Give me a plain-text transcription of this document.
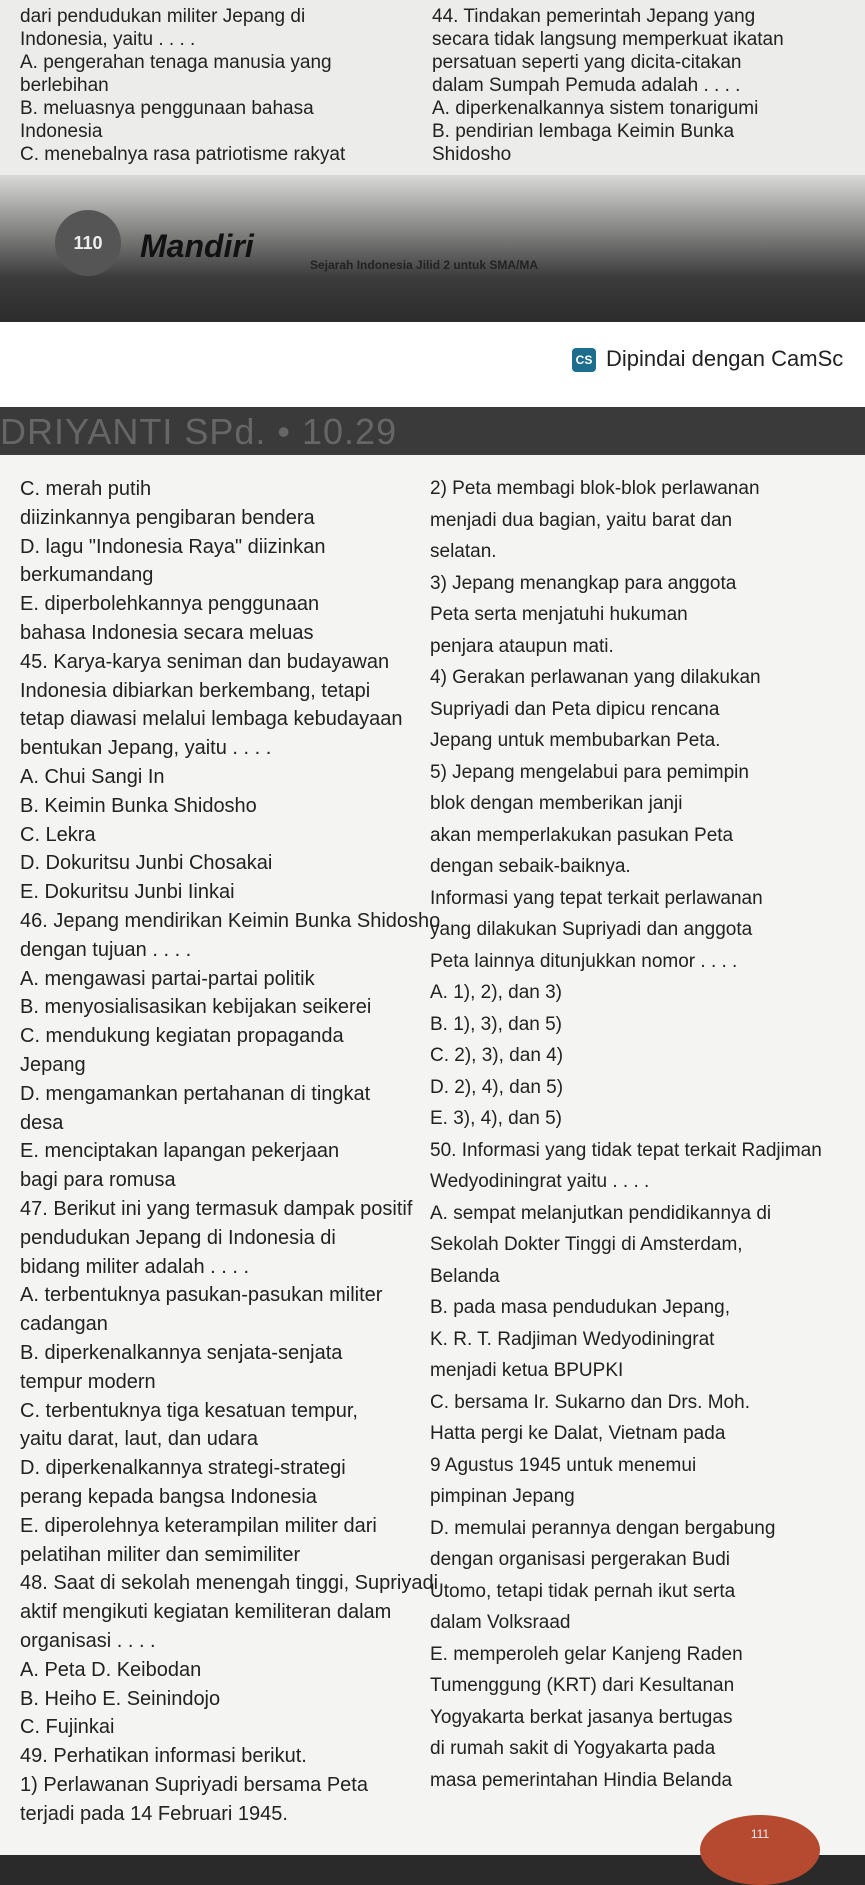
dari pendudukan militer Jepang di
Indonesia, yaitu . . . .
A. pengerahan tenaga manusia yang
berlebihan
B. meluasnya penggunaan bahasa
Indonesia
C. menebalnya rasa patriotisme rakyat
44. Tindakan pemerintah Jepang yang
secara tidak langsung memperkuat ikatan
persatuan seperti yang dicita-citakan
dalam Sumpah Pemuda adalah . . . .
A. diperkenalkannya sistem tonarigumi
B. pendirian lembaga Keimin Bunka
Shidosho
110	Mandiri
Sejarah Indonesia Jilid 2 untuk SMA/MA
CS Dipindai dengan CamSc
C. merah putih
diizinkannya pengibaran bendera
D. lagu "Indonesia Raya" diizinkan
berkumandang
E. diperbolehkannya penggunaan
bahasa Indonesia secara meluas
45. Karya-karya seniman dan budayawan
Indonesia dibiarkan berkembang, tetapi
tetap diawasi melalui lembaga kebudayaan
bentukan Jepang, yaitu . . . .
A. Chui Sangi In
B. Keimin Bunka Shidosho
C. Lekra
D. Dokuritsu Junbi Chosakai
E. Dokuritsu Junbi Iinkai
46. Jepang mendirikan Keimin Bunka Shidosho
dengan tujuan . . . .
A. mengawasi partai-partai politik
B. menyosialisasikan kebijakan seikerei
C. mendukung kegiatan propaganda
Jepang
D. mengamankan pertahanan di tingkat
desa
E. menciptakan lapangan pekerjaan
bagi para romusa
47. Berikut ini yang termasuk dampak positif
pendudukan Jepang di Indonesia di
bidang militer adalah . . . .
A. terbentuknya pasukan-pasukan militer
cadangan
B. diperkenalkannya senjata-senjata
tempur modern
C. terbentuknya tiga kesatuan tempur,
yaitu darat, laut, dan udara
D. diperkenalkannya strategi-strategi
perang kepada bangsa Indonesia
E. diperolehnya keterampilan militer dari
pelatihan militer dan semimiliter
48. Saat di sekolah menengah tinggi, Supriyadi
aktif mengikuti kegiatan kemiliteran dalam
organisasi . . . .
A. Peta D. Keibodan
B. Heiho E. Seinindojo
C. Fujinkai
49. Perhatikan informasi berikut.
1) Perlawanan Supriyadi bersama Peta
terjadi pada 14 Februari 1945.
2) Peta membagi blok-blok perlawanan
menjadi dua bagian, yaitu barat dan
selatan.
3) Jepang menangkap para anggota
Peta serta menjatuhi hukuman
penjara ataupun mati.
4) Gerakan perlawanan yang dilakukan
Supriyadi dan Peta dipicu rencana
Jepang untuk membubarkan Peta.
5) Jepang mengelabui para pemimpin
blok dengan memberikan janji
akan memperlakukan pasukan Peta
dengan sebaik-baiknya.
Informasi yang tepat terkait perlawanan
yang dilakukan Supriyadi dan anggota
Peta lainnya ditunjukkan nomor . . . .
A. 1), 2), dan 3)
B. 1), 3), dan 5)
C. 2), 3), dan 4)
D. 2), 4), dan 5)
E. 3), 4), dan 5)
50. Informasi yang tidak tepat terkait Radjiman
Wedyodiningrat yaitu . . . .
A. sempat melanjutkan pendidikannya di
Sekolah Dokter Tinggi di Amsterdam,
Belanda
B. pada masa pendudukan Jepang,
K. R. T. Radjiman Wedyodiningrat
menjadi ketua BPUPKI
C. bersama Ir. Sukarno dan Drs. Moh.
Hatta pergi ke Dalat, Vietnam pada
9 Agustus 1945 untuk menemui
pimpinan Jepang
D. memulai perannya dengan bergabung
dengan organisasi pergerakan Budi
Utomo, tetapi tidak pernah ikut serta
dalam Volksraad
E. memperoleh gelar Kanjeng Raden
Tumenggung (KRT) dari Kesultanan
Yogyakarta berkat jasanya bertugas
di rumah sakit di Yogyakarta pada
masa pemerintahan Hindia Belanda
DRIYANTI SPd. • 10.29
111
